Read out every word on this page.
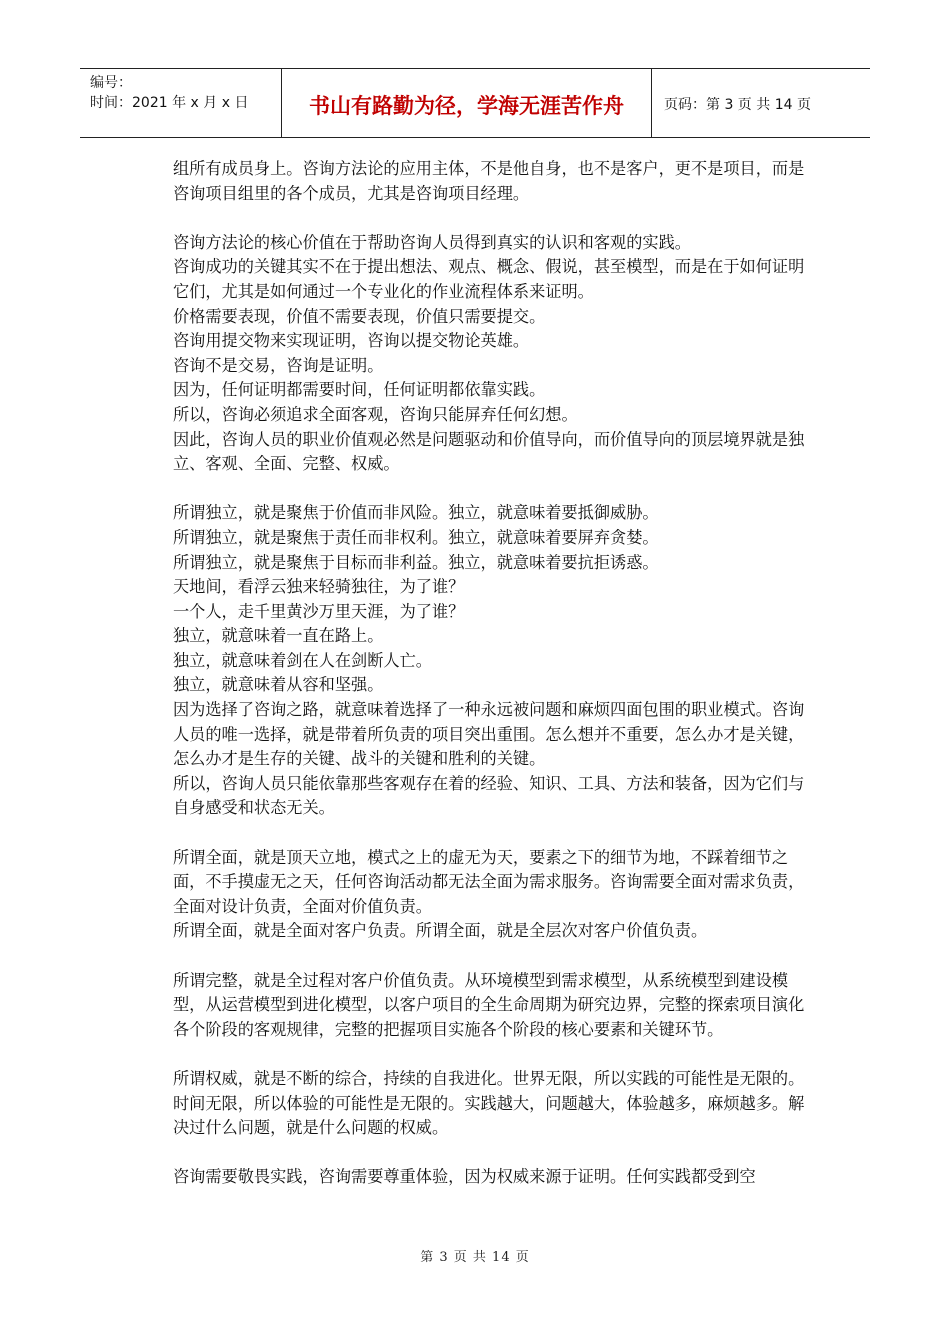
编号：
时间：2021 年 x 月 x 日	书山有路勤为径，学海无涯苦作舟	页码：第 3 页 共 14 页

组所有成员身上。咨询方法论的应用主体，不是他自身，也不是客户，更不是项目，而是咨询项目组里的各个成员，尤其是咨询项目经理。

咨询方法论的核心价值在于帮助咨询人员得到真实的认识和客观的实践。

咨询成功的关键其实不在于提出想法、观点、概念、假说，甚至模型，而是在于如何证明它们，尤其是如何通过一个专业化的作业流程体系来证明。

价格需要表现，价值不需要表现，价值只需要提交。

咨询用提交物来实现证明，咨询以提交物论英雄。

咨询不是交易，咨询是证明。

因为，任何证明都需要时间，任何证明都依靠实践。

所以，咨询必须追求全面客观，咨询只能屏弃任何幻想。

因此，咨询人员的职业价值观必然是问题驱动和价值导向，而价值导向的顶层境界就是独立、客观、全面、完整、权威。

所谓独立，就是聚焦于价值而非风险。独立，就意味着要抵御威胁。

所谓独立，就是聚焦于责任而非权利。独立，就意味着要屏弃贪婪。

所谓独立，就是聚焦于目标而非利益。独立，就意味着要抗拒诱惑。

天地间，看浮云独来轻骑独往，为了谁？

一个人，走千里黄沙万里天涯，为了谁？

独立，就意味着一直在路上。

独立，就意味着剑在人在剑断人亡。

独立，就意味着从容和坚强。

因为选择了咨询之路，就意味着选择了一种永远被问题和麻烦四面包围的职业模式。咨询人员的唯一选择，就是带着所负责的项目突出重围。怎么想并不重要，怎么办才是关键，怎么办才是生存的关键、战斗的关键和胜利的关键。

所以，咨询人员只能依靠那些客观存在着的经验、知识、工具、方法和装备，因为它们与自身感受和状态无关。

所谓全面，就是顶天立地，模式之上的虚无为天，要素之下的细节为地，不踩着细节之面，不手摸虚无之天，任何咨询活动都无法全面为需求服务。咨询需要全面对需求负责，全面对设计负责，全面对价值负责。

所谓全面，就是全面对客户负责。所谓全面，就是全层次对客户价值负责。

所谓完整，就是全过程对客户价值负责。从环境模型到需求模型，从系统模型到建设模型，从运营模型到进化模型，以客户项目的全生命周期为研究边界，完整的探索项目演化各个阶段的客观规律，完整的把握项目实施各个阶段的核心要素和关键环节。

所谓权威，就是不断的综合，持续的自我进化。世界无限，所以实践的可能性是无限的。时间无限，所以体验的可能性是无限的。实践越大，问题越大，体验越多，麻烦越多。解决过什么问题，就是什么问题的权威。

咨询需要敬畏实践，咨询需要尊重体验，因为权威来源于证明。任何实践都受到空

第 3 页 共 14 页
